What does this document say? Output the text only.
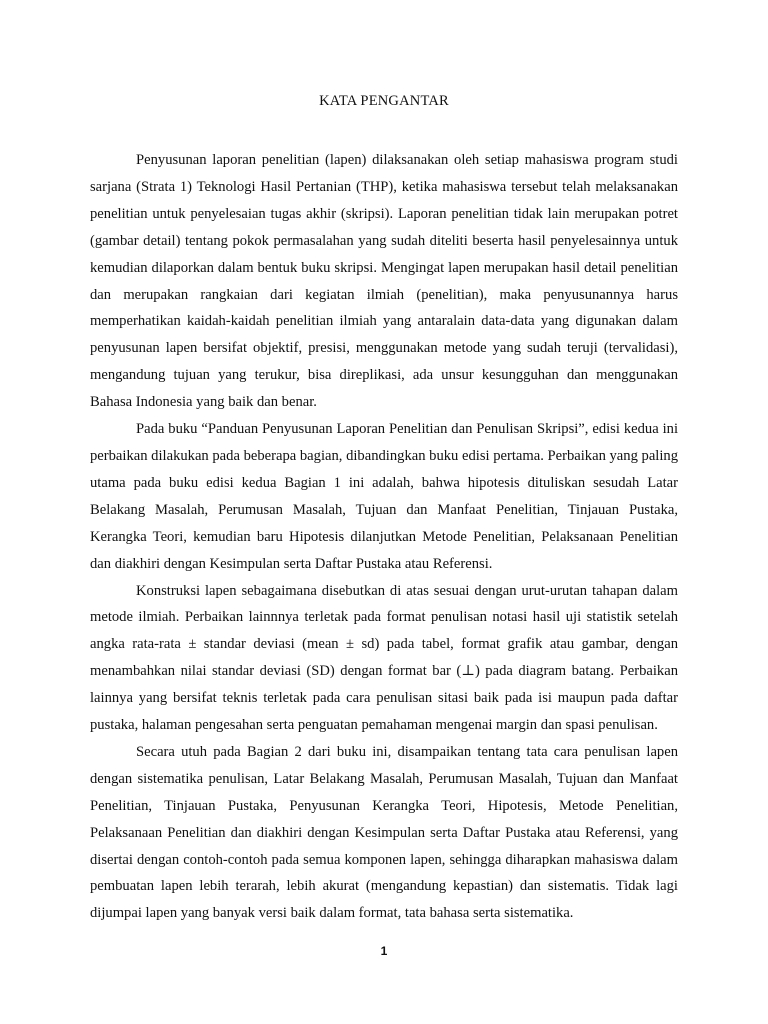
KATA PENGANTAR

Penyusunan laporan penelitian (lapen) dilaksanakan oleh setiap mahasiswa program studi sarjana (Strata 1) Teknologi Hasil Pertanian (THP), ketika mahasiswa tersebut telah melaksanakan penelitian untuk penyelesaian tugas akhir (skripsi). Laporan penelitian tidak lain merupakan potret (gambar detail) tentang pokok permasalahan yang sudah diteliti beserta hasil penyelesainnya untuk kemudian dilaporkan dalam bentuk buku skripsi. Mengingat lapen merupakan hasil detail penelitian dan merupakan rangkaian dari kegiatan ilmiah (penelitian), maka penyusunannya harus memperhatikan kaidah-kaidah penelitian ilmiah yang antaralain data-data yang digunakan dalam penyusunan lapen bersifat objektif, presisi, menggunakan metode yang sudah teruji (tervalidasi), mengandung tujuan yang terukur, bisa direplikasi, ada unsur kesungguhan dan menggunakan Bahasa Indonesia yang baik dan benar.

Pada buku “Panduan Penyusunan Laporan Penelitian dan Penulisan Skripsi”, edisi kedua ini perbaikan dilakukan pada beberapa bagian, dibandingkan buku edisi pertama. Perbaikan yang paling utama pada buku edisi kedua Bagian 1 ini adalah, bahwa hipotesis dituliskan sesudah Latar Belakang Masalah, Perumusan Masalah, Tujuan dan Manfaat Penelitian, Tinjauan Pustaka, Kerangka Teori, kemudian baru Hipotesis dilanjutkan Metode Penelitian, Pelaksanaan Penelitian dan diakhiri dengan Kesimpulan serta Daftar Pustaka atau Referensi.

Konstruksi lapen sebagaimana disebutkan di atas sesuai dengan urut-urutan tahapan dalam metode ilmiah. Perbaikan lainnnya terletak pada format penulisan notasi hasil uji statistik setelah angka rata-rata ± standar deviasi (mean ± sd) pada tabel, format grafik atau gambar, dengan menambahkan nilai standar deviasi (SD) dengan format bar (⊥) pada diagram batang. Perbaikan lainnya yang bersifat teknis terletak pada cara penulisan sitasi baik pada isi maupun pada daftar pustaka, halaman pengesahan serta penguatan pemahaman mengenai margin dan spasi penulisan.

Secara utuh pada Bagian 2 dari buku ini, disampaikan tentang tata cara penulisan lapen dengan sistematika penulisan, Latar Belakang Masalah, Perumusan Masalah, Tujuan dan Manfaat Penelitian, Tinjauan Pustaka, Penyusunan Kerangka Teori, Hipotesis, Metode Penelitian, Pelaksanaan Penelitian dan diakhiri dengan Kesimpulan serta Daftar Pustaka atau Referensi, yang disertai dengan contoh-contoh pada semua komponen lapen, sehingga diharapkan mahasiswa dalam pembuatan lapen lebih terarah, lebih akurat (mengandung kepastian) dan sistematis. Tidak lagi dijumpai lapen yang banyak versi baik dalam format, tata bahasa serta sistematika.

1
